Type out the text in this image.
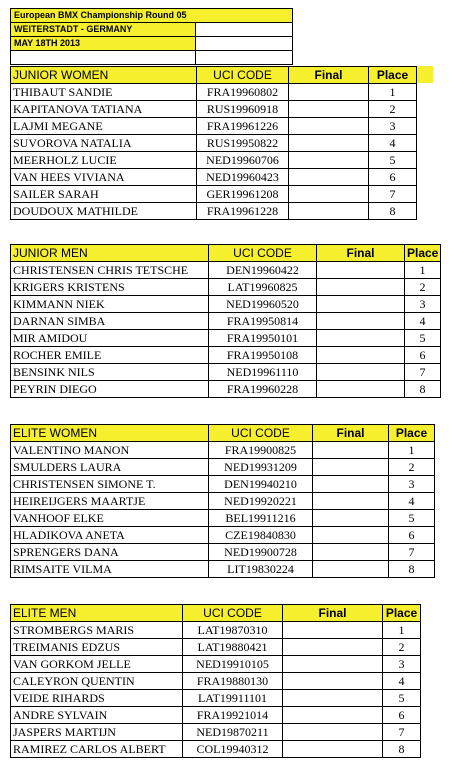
European BMX Championship Round 05	
WEITERSTADT - GERMANY	
MAY 18TH 2013	

JUNIOR WOMEN	UCI CODE	Final	Place
THIBAUT SANDIE	FRA19960802		1
KAPITANOVA TATIANA	RUS19960918		2
LAJMI MEGANE	FRA19961226		3
SUVOROVA NATALIA	RUS19950822		4
MEERHOLZ LUCIE	NED19960706		5
VAN HEES VIVIANA	NED19960423		6
SAILER SARAH	GER19961208		7
DOUDOUX MATHILDE	FRA19961228		8
JUNIOR MEN	UCI CODE	Final	Place
CHRISTENSEN CHRIS TETSCHE	DEN19960422		1
KRIGERS KRISTENS	LAT19960825		2
KIMMANN NIEK	NED19960520		3
DARNAN SIMBA	FRA19950814		4
MIR AMIDOU	FRA19950101		5
ROCHER EMILE	FRA19950108		6
BENSINK NILS	NED19961110		7
PEYRIN DIEGO	FRA19960228		8
ELITE WOMEN	UCI CODE	Final	Place
VALENTINO MANON	FRA19900825		1
SMULDERS LAURA	NED19931209		2
CHRISTENSEN SIMONE T.	DEN19940210		3
HEIREIJGERS MAARTJE	NED19920221		4
VANHOOF ELKE	BEL19911216		5
HLADIKOVA ANETA	CZE19840830		6
SPRENGERS DANA	NED19900728		7
RIMSAITE VILMA	LIT19830224		8
ELITE MEN	UCI CODE	Final	Place
STROMBERGS MARIS	LAT19870310		1
TREIMANIS EDZUS	LAT19880421		2
VAN GORKOM JELLE	NED19910105		3
CALEYRON QUENTIN	FRA19880130		4
VEIDE RIHARDS	LAT19911101		5
ANDRE SYLVAIN	FRA19921014		6
JASPERS MARTIJN	NED19870211		7
RAMIREZ CARLOS ALBERT	COL19940312		8
